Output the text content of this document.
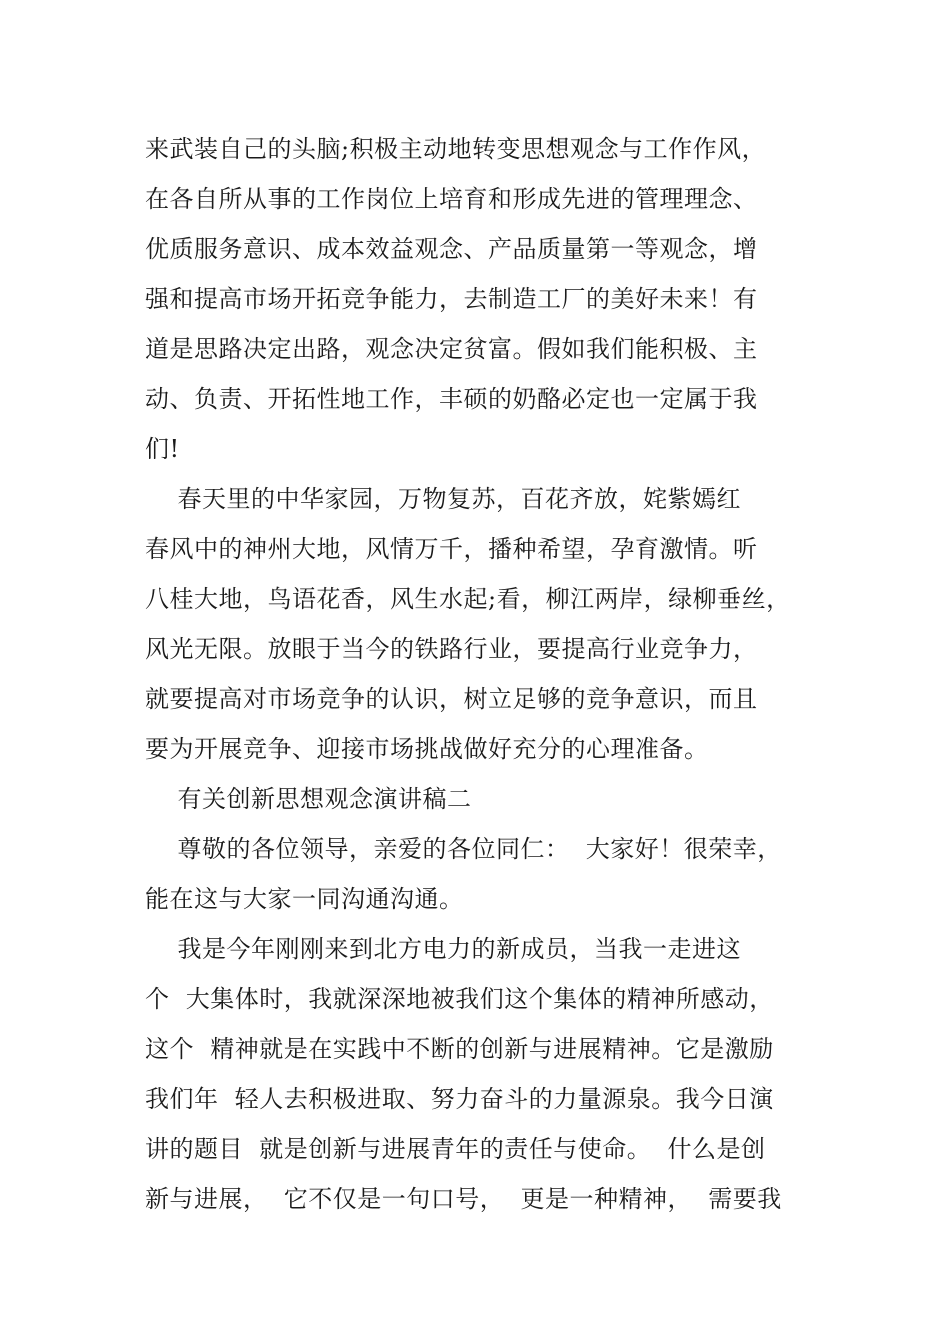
来武装自己的头脑;积极主动地转变思想观念与工作作风，
在各自所从事的工作岗位上培育和形成先进的管理理念、
优质服务意识、成本效益观念、产品质量第一等观念，增
强和提高市场开拓竞争能力，去制造工厂的美好未来！有
道是思路决定出路，观念决定贫富。假如我们能积极、主
动、负责、开拓性地工作，丰硕的奶酪必定也一定属于我
们!
春天里的中华家园，万物复苏，百花齐放，姹紫嫣红
春风中的神州大地，风情万千，播种希望，孕育激情。听
八桂大地，鸟语花香，风生水起;看，柳江两岸，绿柳垂丝，
风光无限。放眼于当今的铁路行业，要提高行业竞争力，
就要提高对市场竞争的认识，树立足够的竞争意识，而且
要为开展竞争、迎接市场挑战做好充分的心理准备。
有关创新思想观念演讲稿二
尊敬的各位领导，亲爱的各位同仁：  大家好！很荣幸，
能在这与大家一同沟通沟通。
我是今年刚刚来到北方电力的新成员，当我一走进这
个  大集体时，我就深深地被我们这个集体的精神所感动，
这个  精神就是在实践中不断的创新与进展精神。它是激励
我们年  轻人去积极进取、努力奋斗的力量源泉。我今日演
讲的题目  就是创新与进展青年的责任与使命。  什么是创
新与进展，  它不仅是一句口号，  更是一种精神，  需要我
